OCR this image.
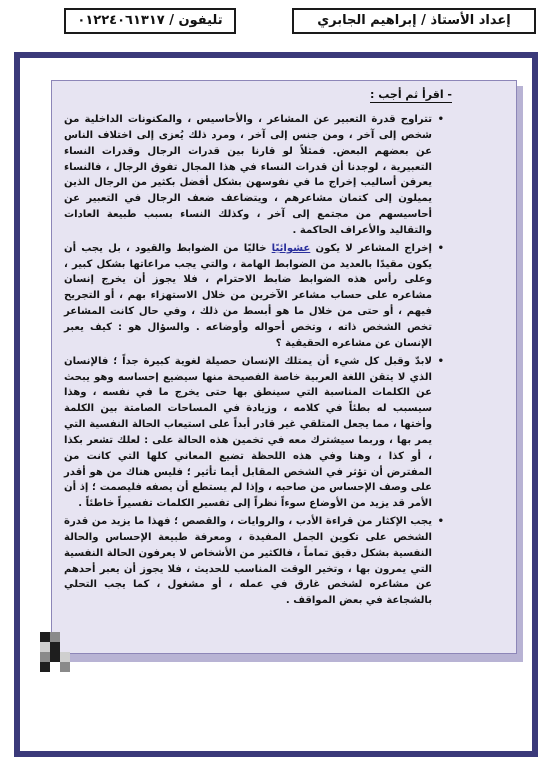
تليفون / ٠١٢٢٤٠٦١٣١٧	إعداد الأستاذ / إبراهيم الجابري
- اقرأ ثم أجب :

•
تتراوح قدرة التعبير عن المشاعر ، والأحاسيس ، والمكنونات الداخلية من شخص إلى آخر ، ومن جنس إلى آخر ، ومرد ذلك يُعزى إلى اختلاف الناس عن بعضهم البعض. فمثلاً لو قارنا بين قدرات الرجال وقدرات النساء التعبيرية ، لوجدنا أن قدرات النساء في هذا المجال تفوق الرجال ، فالنساء يعرفن أساليب إخراج ما في نفوسهن بشكل أفضل بكثير من الرجال الذين يميلون إلى كتمان مشاعرهم ، ويتضاعف ضعف الرجال في التعبير عن أحاسيسهم من مجتمع إلى آخر ، وكذلك النساء بسبب طبيعة العادات والتقاليد والأعراف الحاكمة .

•
إخراج المشاعر لا يكون عشوائيًا خاليًا من الضوابط والقيود ، بل يجب أن يكون مقيدًا بالعديد من الضوابط الهامة ، والتي يجب مراعاتها بشكل كبير ، وعلى رأس هذه الضوابط ضابط الاحترام ، فلا يجوز أن يخرج إنسان مشاعره على حساب مشاعر الآخرين من خلال الاستهزاء بهم ، أو التجريح فيهم ، أو حتى من خلال ما هو أبسط من ذلك ، وفي حال كانت المشاعر تخص الشخص ذاته ، وتخص أحواله وأوضاعه . والسؤال هو : كيف يعبر الإنسان عن مشاعره الحقيقية ؟

•
لابدّ وقبل كل شيء أن يمتلك الإنسان حصيلة لغوية كبيرة جداً ؛ فالإنسان الذي لا يتقن اللغة العربية خاصة الفصيحة منها سيضيع إحساسه وهو يبحث عن الكلمات المناسبة التي سينطق بها حتى يخرج ما في نفسه ، وهذا سيسبب له بطئاً في كلامه ، وزيادة في المساحات الصامتة بين الكلمة وأختها ، مما يجعل المتلقي غير قادر أبداً على استيعاب الحالة النفسية التي يمر بها ، وربما سيشترك معه في تخمين هذه الحالة على : لعلك تشعر بكذا ، أو كذا ، وهنا وفي هذه اللحظة تضيع المعاني كلها التي كانت من المفترض أن تؤثر في الشخص المقابل أيما تأثير ؛ فليس هناك من هو أقدر على وصف الإحساس من صاحبه ، وإذا لم يستطع أن يصفه فليصمت ؛ إذ أن الأمر قد يزيد من الأوضاع سوءاً نظراً إلى تفسير الكلمات تفسيراً خاطئاً .

•
يجب الإكثار من قراءة الأدب ، والروايات ، والقصص ؛ فهذا ما يزيد من قدرة الشخص على تكوين الجمل المفيدة ، ومعرفة طبيعة الإحساس والحالة النفسية بشكل دقيق تماماً ، فالكثير من الأشخاص لا يعرفون الحالة النفسية التي يمرون بها ، وتخير الوقت المناسب للحديث ، فلا يجوز أن يعبر أحدهم عن مشاعره لشخص غارق في عمله ، أو مشغول ، كما يجب التحلي بالشجاعة في بعض المواقف .
